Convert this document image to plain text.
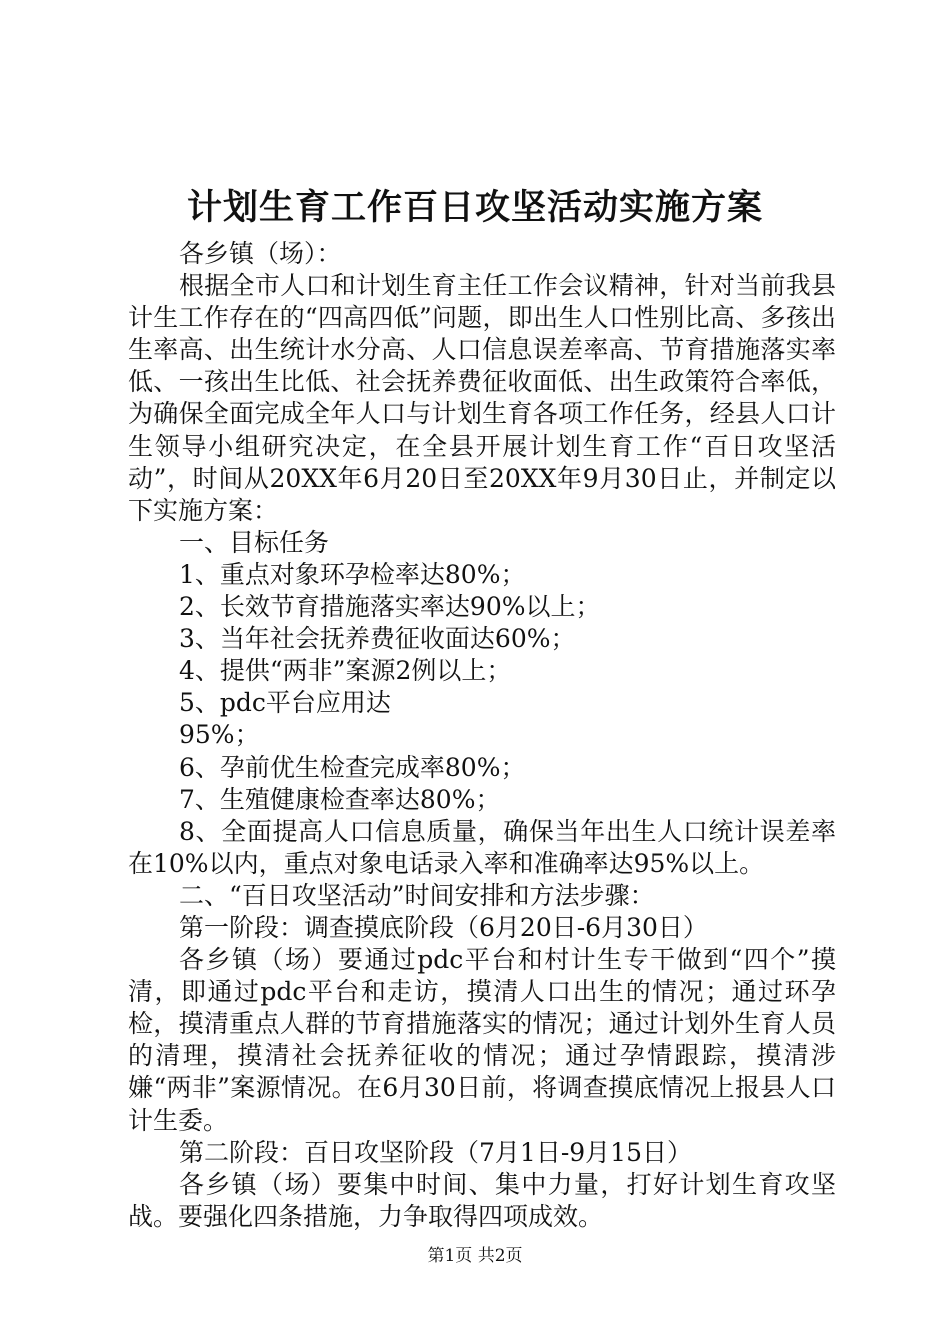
计划生育工作百日攻坚活动实施方案

各乡镇（场）：

根据全市人口和计划生育主任工作会议精神，针对当前我县计生工作存在的“四高四低”问题，即出生人口性别比高、多孩出生率高、出生统计水分高、人口信息误差率高、节育措施落实率低、一孩出生比低、社会抚养费征收面低、出生政策符合率低，为确保全面完成全年人口与计划生育各项工作任务，经县人口计生领导小组研究决定，在全县开展计划生育工作“百日攻坚活动”，时间从20XX年6月20日至20XX年9月30日止，并制定以下实施方案：

一、目标任务

1、重点对象环孕检率达80%；

2、长效节育措施落实率达90%以上；

3、当年社会抚养费征收面达60%；

4、提供“两非”案源2例以上；

5、pdc平台应用达

95%；

6、孕前优生检查完成率80%；

7、生殖健康检查率达80%；

8、全面提高人口信息质量，确保当年出生人口统计误差率在10%以内，重点对象电话录入率和准确率达95%以上。

二、“百日攻坚活动”时间安排和方法步骤：

第一阶段：调查摸底阶段（6月20日-6月30日）

各乡镇（场）要通过pdc平台和村计生专干做到“四个”摸清，即通过pdc平台和走访，摸清人口出生的情况；通过环孕检，摸清重点人群的节育措施落实的情况；通过计划外生育人员的清理，摸清社会抚养征收的情况；通过孕情跟踪，摸清涉嫌“两非”案源情况。在6月30日前，将调查摸底情况上报县人口计生委。

第二阶段：百日攻坚阶段（7月1日-9月15日）

各乡镇（场）要集中时间、集中力量，打好计划生育攻坚战。要强化四条措施，力争取得四项成效。

第1页 共2页
